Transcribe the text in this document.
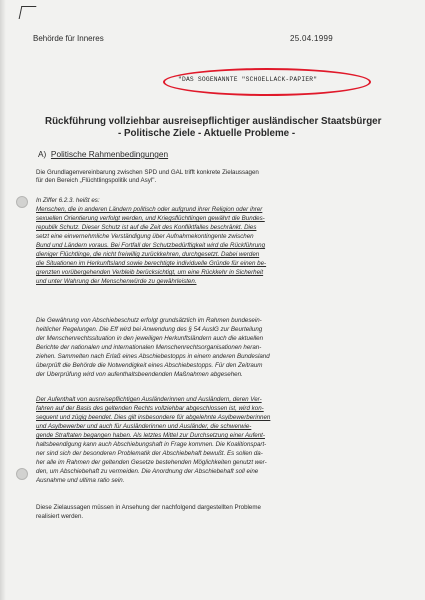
Behörde für Inneres	25.04.1999
"DAS SOGENANNTE "SCHOELLACK-PAPIER"
Rückführung vollziehbar ausreisepflichtiger ausländischer Staatsbürger
- Politische Ziele - Aktuelle Probleme -
A) Politische Rahmenbedingungen
Die Grundlagenvereinbarung zwischen SPD und GAL trifft konkrete Zielaussagen
für den Bereich „Flüchtlingspolitik und Asyl".
In Ziffer 6.2.3. heißt es:
Menschen, die in anderen Ländern politisch oder aufgrund ihrer Religion oder ihrer
sexuellen Orientierung verfolgt werden, und Kriegsflüchtlingen gewährt die Bundes-
republik Schutz. Dieser Schutz ist auf die Zeit des Konfliktfalles beschränkt. Dies
setzt eine einvernehmliche Verständigung über Aufnahmekontingente zwischen
Bund und Ländern voraus. Bei Fortfall der Schutzbedürftigkeit wird die Rückführung
dieniger Flüchtlinge, die nicht freiwillig zurückkehren, durchgesetzt. Dabei werden
die Situationen im Herkunftsland sowie berechtigte individuelle Gründe für einen be-
grenzten vorübergehenden Verbleib berücksichtigt, um eine Rückkehr in Sicherheit
und unter Wahrung der Menschenwürde zu gewährleisten.
Die Gewährung von Abschiebeschutz erfolgt grundsätzlich im Rahmen bundesein-
heitlicher Regelungen. Die Eff wird bei Anwendung des § 54 AuslG zur Beurteilung
der Menschenrechtssituation in den jeweiligen Herkunftsländern auch die aktuellen
Berichte der nationalen und internationalen Menschenrechtsorganisationen heran-
ziehen. Sammelten nach Erlaß eines Abschiebestopps in einem anderen Bundesland
überprüft die Behörde die Notwendigkeit eines Abschiebestopps. Für den Zeitraum
der Überprüfung wird von aufenthaltsbeendenden Maßnahmen abgesehen.
Der Aufenthalt von ausreisepflichtigen Ausländerinnen und Ausländern, deren Ver-
fahren auf der Basis des geltenden Rechts vollziehbar abgeschlossen ist, wird kon-
sequent und zügig beendet. Dies gilt insbesondere für abgelehnte Asylbewerberinnen
und Asylbewerber und auch für Ausländerinnen und Ausländer, die schwerwie-
gende Straftaten begangen haben. Als letztes Mittel zur Durchsetzung einer Aufent-
haltsbeendigung kann auch Abschiebungshaft in Frage kommen. Die Koalitionspart-
ner sind sich der besonderen Problematik der Abschiebehaft bewußt. Es sollen da-
her alle im Rahmen der geltenden Gesetze bestehenden Möglichkeiten genutzt wer-
den, um Abschiebehaft zu vermeiden. Die Anordnung der Abschiebehaft soll eine
Ausnahme und ultima ratio sein.
Diese Zielaussagen müssen in Ansehung der nachfolgend dargestellten Probleme
realisiert werden.
